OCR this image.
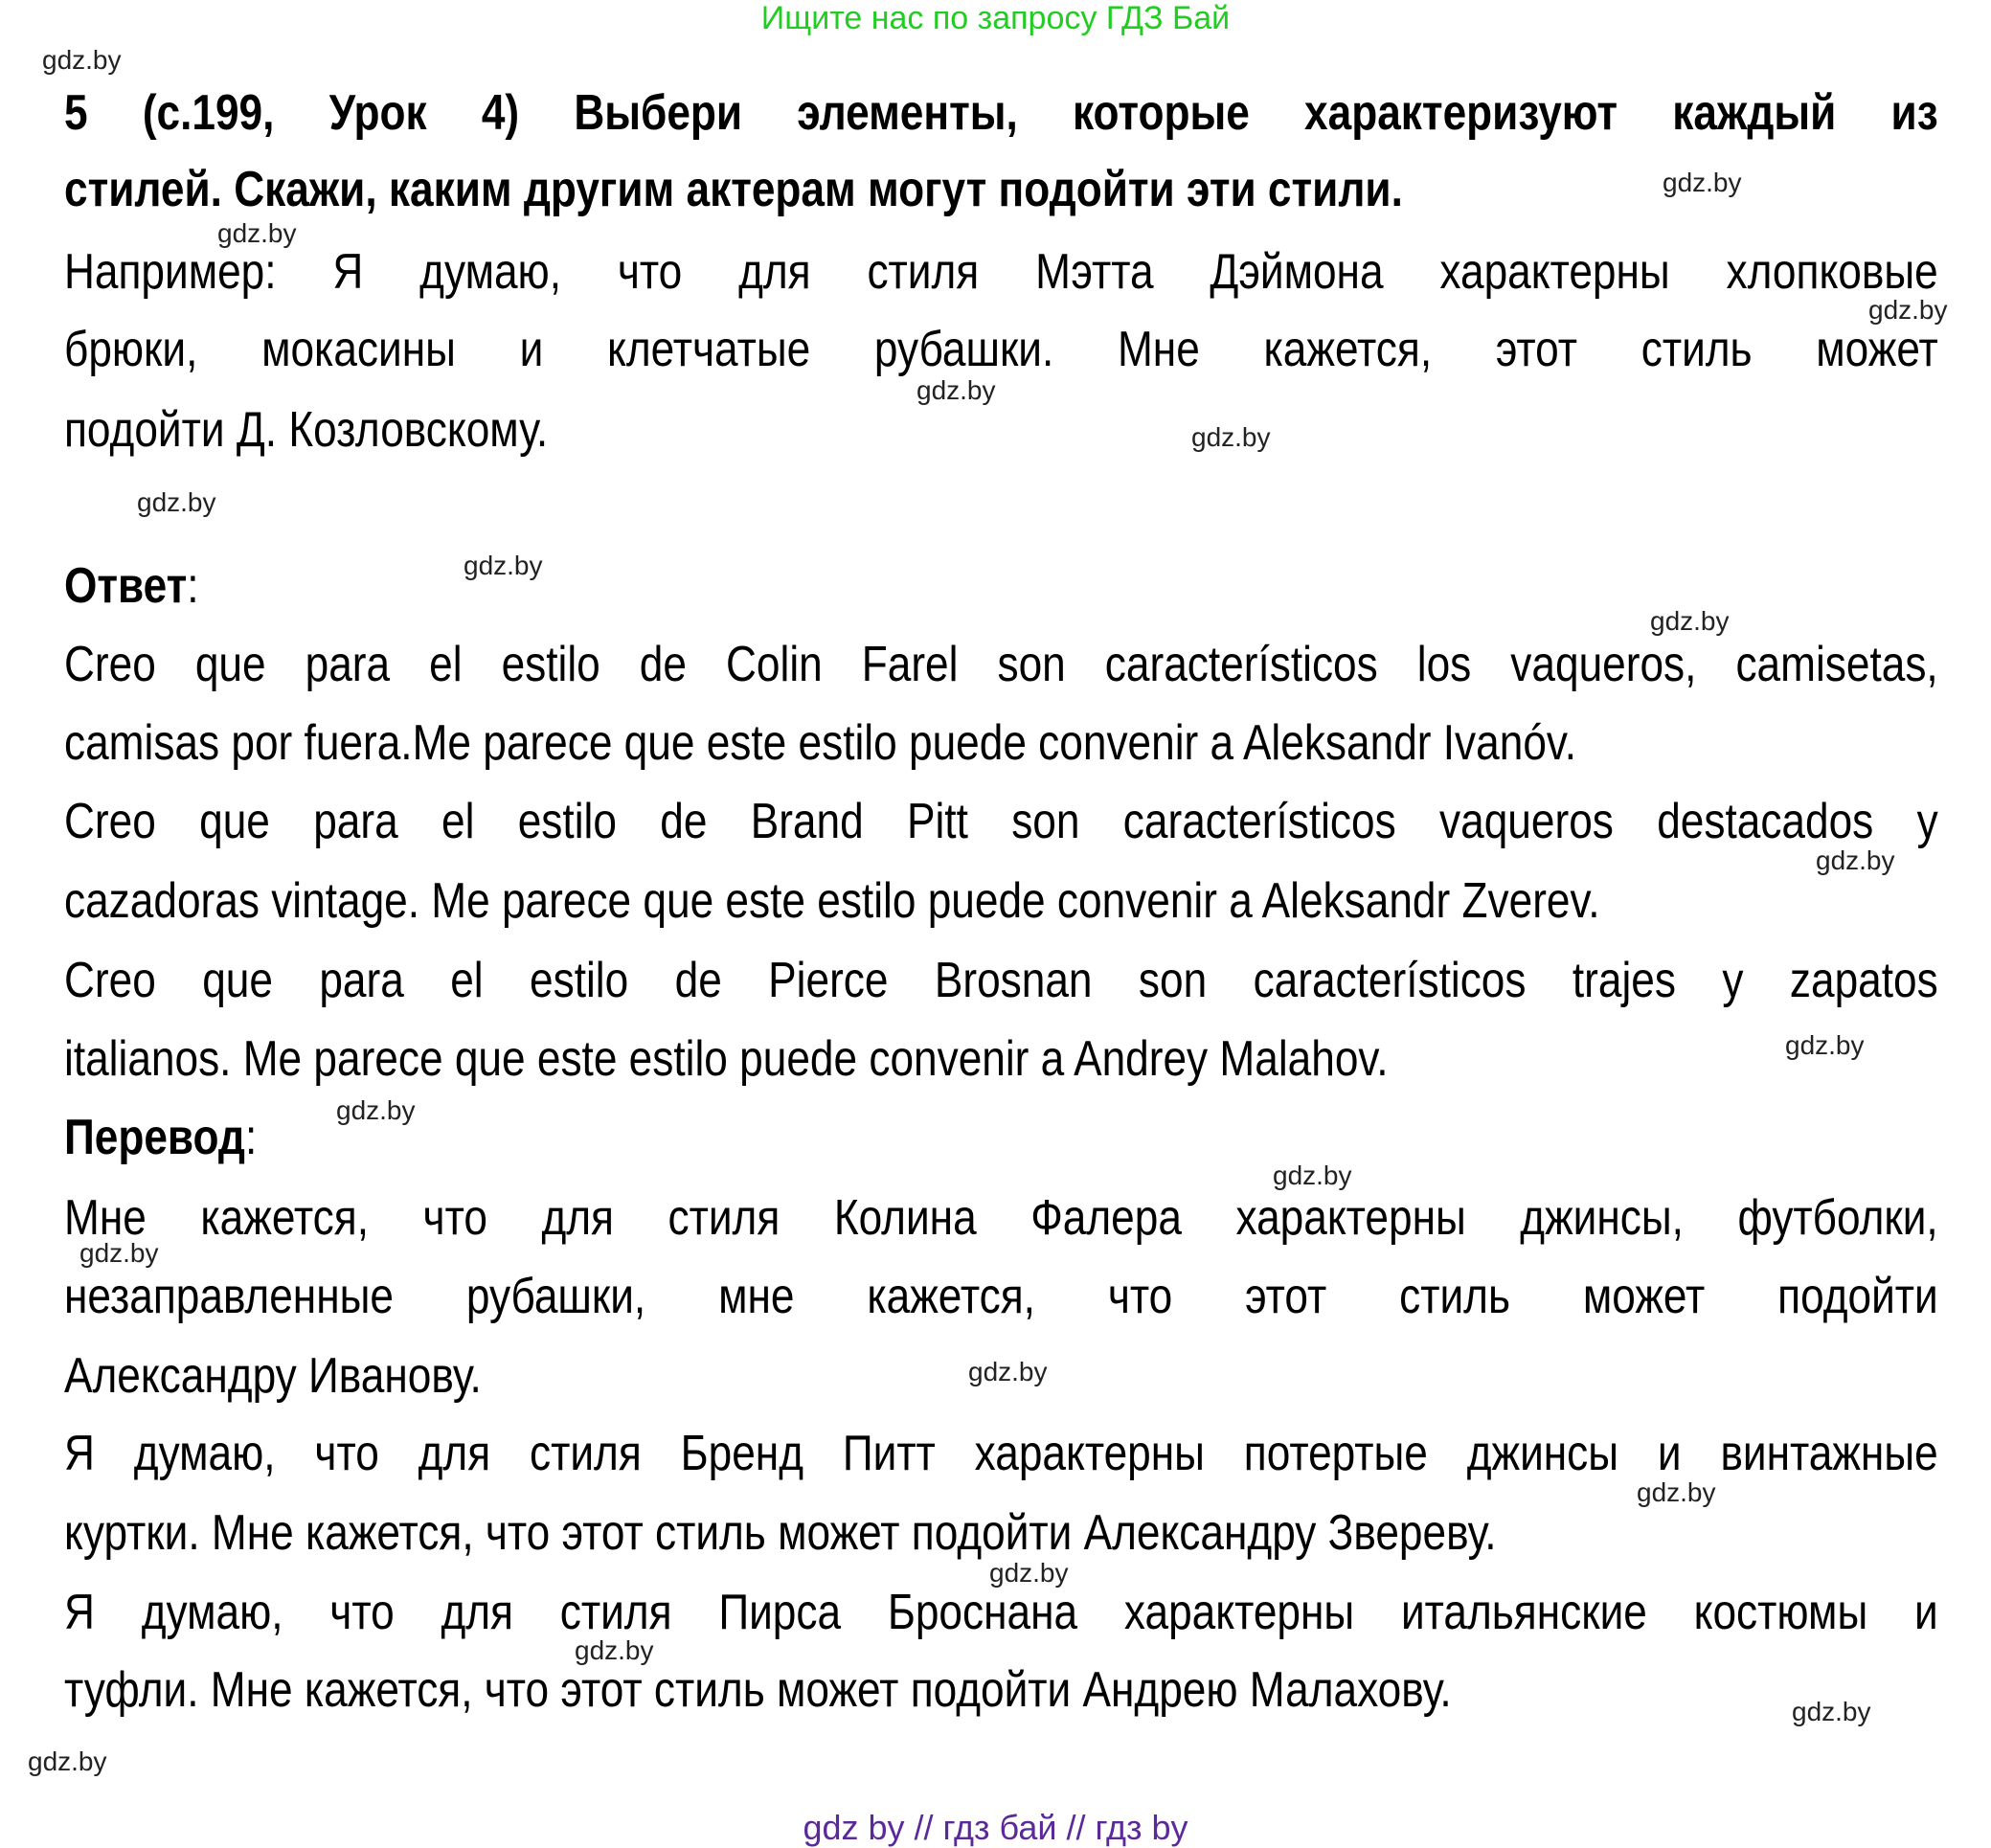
Ищите нас по запросу ГДЗ Бай
5 (с.199, Урок 4) Выбери элементы, которые характеризуют каждый из
стилей. Скажи, каким другим актерам могут подойти эти стили.
Например: Я думаю, что для стиля Мэтта Дэймона характерны хлопковые
брюки, мокасины и клетчатые рубашки. Мне кажется, этот стиль может
подойти Д. Козловскому.
Ответ:
Creo que para el estilo de Colin Farel son característicos los vaqueros, camisetas,
camisas por fuera.Me parece que este estilo puede convenir a Aleksandr Ivanóv.
Creo que para el estilo de Brand Pitt son característicos vaqueros destacados y
cazadoras vintage. Me parece que este estilo puede convenir a Aleksandr Zverev.
Creo que para el estilo de Pierce Brosnan son característicos trajes y zapatos
italianos. Me parece que este estilo puede convenir a Andrey Malahov.
Перевод:
Мне кажется, что для стиля Колина Фалера характерны джинсы, футболки,
незаправленные рубашки, мне кажется, что этот стиль может подойти
Александру Иванову.
Я думаю, что для стиля Бренд Питт характерны потертые джинсы и винтажные
куртки. Мне кажется, что этот стиль может подойти Александру Звереву.
Я думаю, что для стиля Пирса Броснана характерны итальянские костюмы и
туфли. Мне кажется, что этот стиль может подойти Андрею Малахову.
gdz.by
gdz.by
gdz.by
gdz.by
gdz.by
gdz.by
gdz.by
gdz.by
gdz.by
gdz.by
gdz.by
gdz.by
gdz.by
gdz.by
gdz.by
gdz.by
gdz.by
gdz.by
gdz.by
gdz.by
gdz by // гдз бай // гдз by
